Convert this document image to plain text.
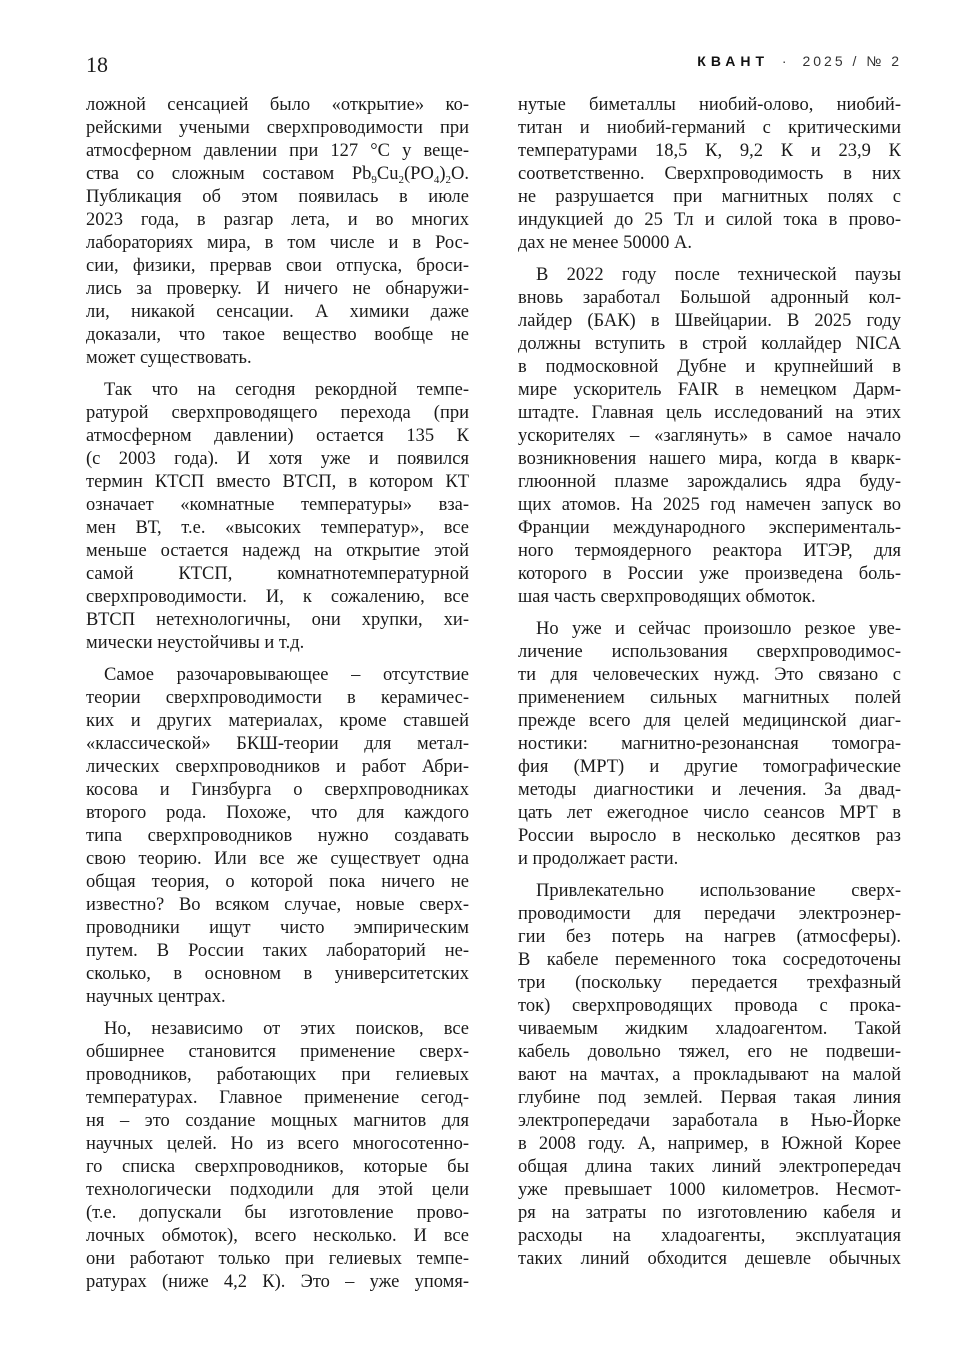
18	КВАНТ · 2025 / № 2
ложной сенсацией было «открытие» ко-
рейскими учеными сверхпроводимости при
атмосферном давлении при 127 °С у веще-
ства со сложным составом $Pb_9Cu_2(PO_4)_2O$.
Публикация об этом появилась в июле
2023 года, в разгар лета, и во многих
лабораториях мира, в том числе и в Рос-
сии, физики, прервав свои отпуска, броси-
лись за проверку. И ничего не обнаружи-
ли, никакой сенсации. А химики даже
доказали, что такое вещество вообще не
может существовать.
Так что на сегодня рекордной темпе-
ратурой сверхпроводящего перехода (при
атмосферном давлении) остается 135 К
(с 2003 года). И хотя уже и появился
термин КТСП вместо ВТСП, в котором КТ
означает «комнатные температуры» вза-
мен ВТ, т.е. «высоких температур», все
меньше остается надежд на открытие этой
самой КТСП, комнатнотемпературной
сверхпроводимости. И, к сожалению, все
ВТСП нетехнологичны, они хрупки, хи-
мически неустойчивы и т.д.
Самое разочаровывающее – отсутствие
теории сверхпроводимости в керамичес-
ких и других материалах, кроме ставшей
«классической» БКШ-теории для метал-
лических сверхпроводников и работ Абри-
косова и Гинзбурга о сверхпроводниках
второго рода. Похоже, что для каждого
типа сверхпроводников нужно создавать
свою теорию. Или все же существует одна
общая теория, о которой пока ничего не
известно? Во всяком случае, новые сверх-
проводники ищут чисто эмпирическим
путем. В России таких лабораторий не-
сколько, в основном в университетских
научных центрах.
Но, независимо от этих поисков, все
обширнее становится применение сверх-
проводников, работающих при гелиевых
температурах. Главное применение сегод-
ня – это создание мощных магнитов для
научных целей. Но из всего многосотенно-
го списка сверхпроводников, которые бы
технологически подходили для этой цели
(т.е. допускали бы изготовление прово-
лочных обмоток), всего несколько. И все
они работают только при гелиевых темпе-
ратурах (ниже 4,2 К). Это – уже упомя-
нутые биметаллы ниобий-олово, ниобий-
титан и ниобий-германий с критическими
температурами 18,5 К, 9,2 К и 23,9 К
соответственно. Сверхпроводимость в них
не разрушается при магнитных полях с
индукцией до 25 Тл и силой тока в прово-
дах не менее 50000 А.
В 2022 году после технической паузы
вновь заработал Большой адронный кол-
лайдер (БАК) в Швейцарии. В 2025 году
должны вступить в строй коллайдер NICA
в подмосковной Дубне и крупнейший в
мире ускоритель FAIR в немецком Дарм-
штадте. Главная цель исследований на этих
ускорителях – «заглянуть» в самое начало
возникновения нашего мира, когда в кварк-
глюонной плазме зарождались ядра буду-
щих атомов. На 2025 год намечен запуск во
Франции международного эксперименталь-
ного термоядерного реактора ИТЭР, для
которого в России уже произведена боль-
шая часть сверхпроводящих обмоток.
Но уже и сейчас произошло резкое уве-
личение использования сверхпроводимос-
ти для человеческих нужд. Это связано с
применением сильных магнитных полей
прежде всего для целей медицинской диаг-
ностики: магнитно-резонансная томогра-
фия (МРТ) и другие томографические
методы диагностики и лечения. За двад-
цать лет ежегодное число сеансов МРТ в
России выросло в несколько десятков раз
и продолжает расти.
Привлекательно использование сверх-
проводимости для передачи электроэнер-
гии без потерь на нагрев (атмосферы).
В кабеле переменного тока сосредоточены
три (поскольку передается трехфазный
ток) сверхпроводящих провода с прока-
чиваемым жидким хладоагентом. Такой
кабель довольно тяжел, его не подвеши-
вают на мачтах, а прокладывают на малой
глубине под землей. Первая такая линия
электропередачи заработала в Нью-Йорке
в 2008 году. А, например, в Южной Корее
общая длина таких линий электропередач
уже превышает 1000 километров. Несмот-
ря на затраты по изготовлению кабеля и
расходы на хладоагенты, эксплуатация
таких линий обходится дешевле обычных
